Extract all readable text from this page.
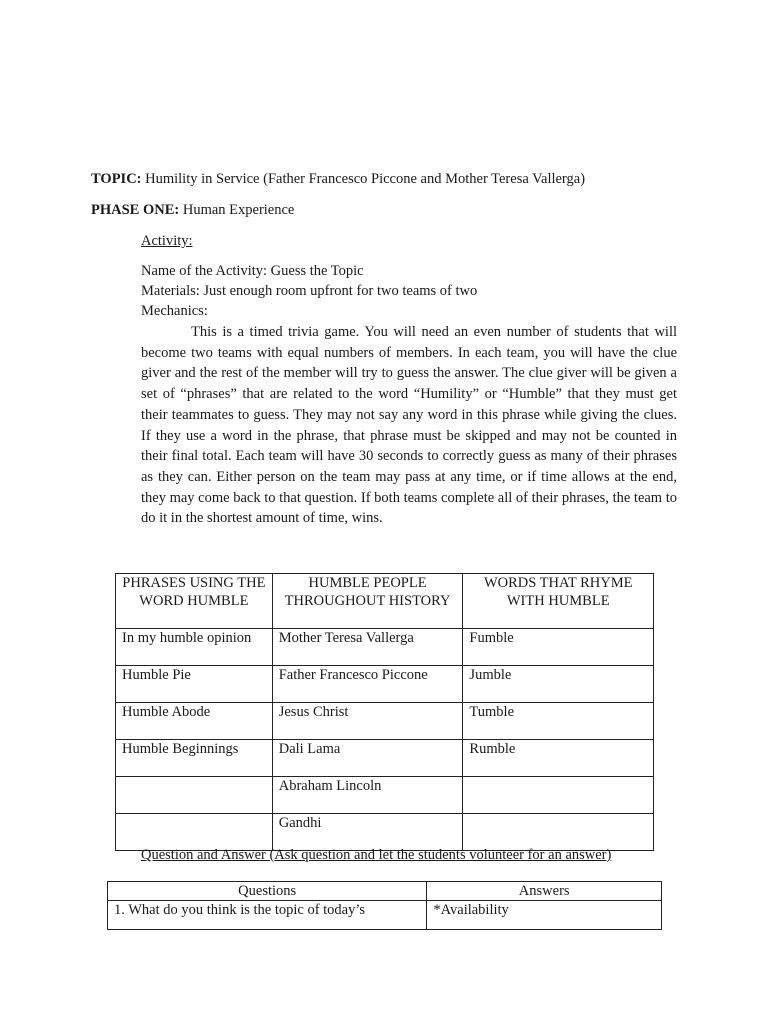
TOPIC: Humility in Service (Father Francesco Piccone and Mother Teresa Vallerga)
PHASE ONE: Human Experience
Activity:
Name of the Activity: Guess the Topic
Materials: Just enough room upfront for two teams of two
Mechanics:
This is a timed trivia game. You will need an even number of students that will become two teams with equal numbers of members. In each team, you will have the clue giver and the rest of the member will try to guess the answer. The clue giver will be given a set of “phrases” that are related to the word “Humility” or “Humble” that they must get their teammates to guess. They may not say any word in this phrase while giving the clues. If they use a word in the phrase, that phrase must be skipped and may not be counted in their final total. Each team will have 30 seconds to correctly guess as many of their phrases as they can. Either person on the team may pass at any time, or if time allows at the end, they may come back to that question. If both teams complete all of their phrases, the team to do it in the shortest amount of time, wins.
PHRASES USING THE WORD HUMBLE	HUMBLE PEOPLE THROUGHOUT HISTORY	WORDS THAT RHYME WITH HUMBLE
In my humble opinion	Mother Teresa Vallerga	Fumble
Humble Pie	Father Francesco Piccone	Jumble
Humble Abode	Jesus Christ	Tumble
Humble Beginnings	Dali Lama	Rumble
	Abraham Lincoln	
	Gandhi	
Question and Answer (Ask question and let the students volunteer for an answer)
Questions	Answers
1. What do you think is the topic of today’s	*Availability
